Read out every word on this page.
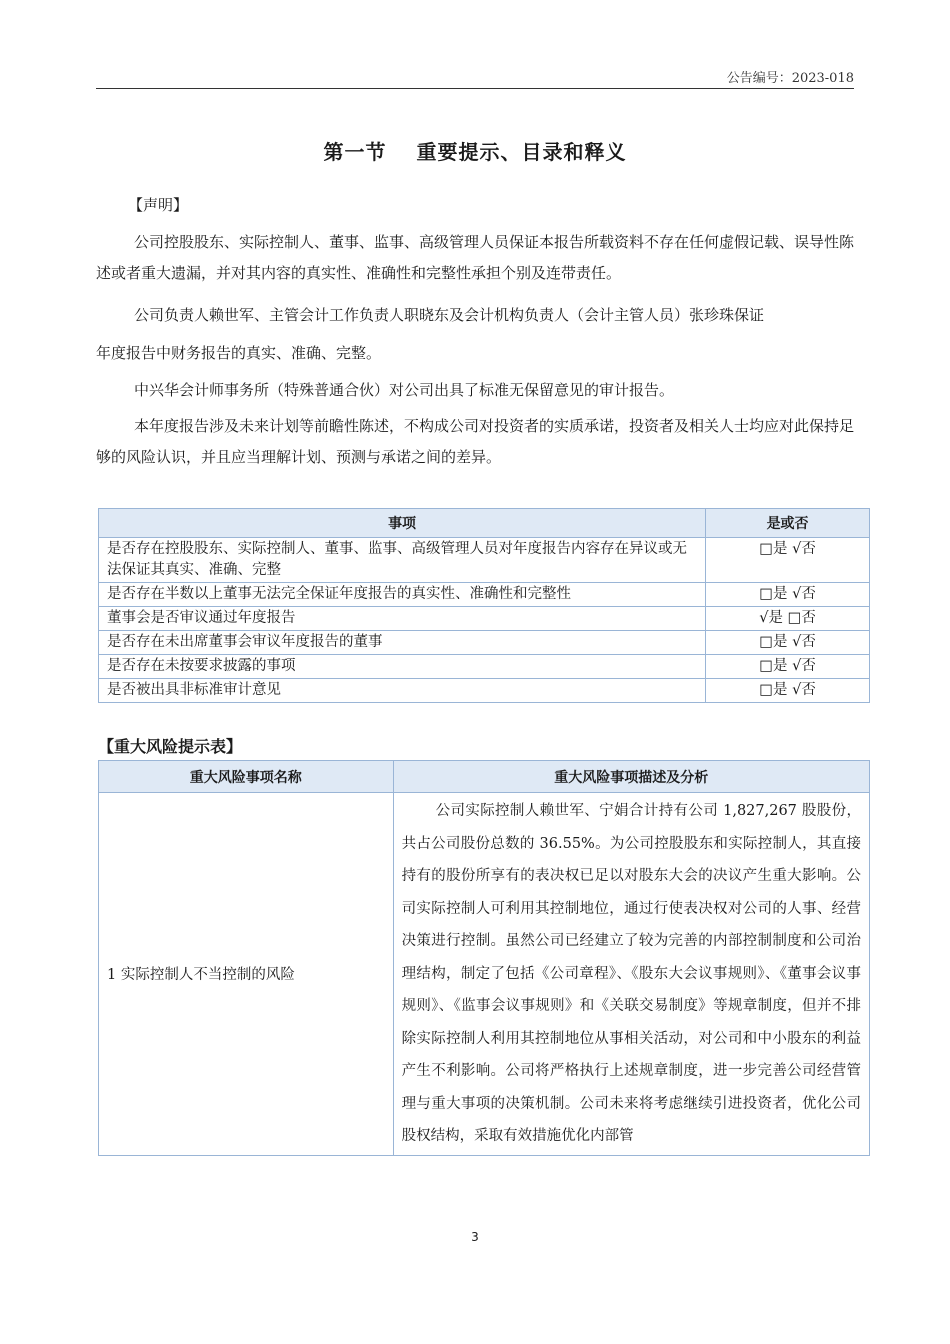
公告编号：2023-018
第一节 重要提示、目录和释义
【声明】
公司控股股东、实际控制人、董事、监事、高级管理人员保证本报告所载资料不存在任何虚假记载、误导性陈述或者重大遗漏，并对其内容的真实性、准确性和完整性承担个别及连带责任。
公司负责人赖世军、主管会计工作负责人职晓东及会计机构负责人（会计主管人员）张珍珠保证
年度报告中财务报告的真实、准确、完整。
中兴华会计师事务所（特殊普通合伙）对公司出具了标准无保留意见的审计报告。
本年度报告涉及未来计划等前瞻性陈述，不构成公司对投资者的实质承诺，投资者及相关人士均应对此保持足够的风险认识，并且应当理解计划、预测与承诺之间的差异。
事项	是或否
是否存在控股股东、实际控制人、董事、监事、高级管理人员对年度报告内容存在异议或无法保证其真实、准确、完整	□是 √否
是否存在半数以上董事无法完全保证年度报告的真实性、准确性和完整性	□是 √否
董事会是否审议通过年度报告	√是 □否
是否存在未出席董事会审议年度报告的董事	□是 √否
是否存在未按要求披露的事项	□是 √否
是否被出具非标准审计意见	□是 √否
【重大风险提示表】
重大风险事项名称	重大风险事项描述及分析
1 实际控制人不当控制的风险	公司实际控制人赖世军、宁娟合计持有公司 1,827,267 股股份，共占公司股份总数的 36.55%。为公司控股股东和实际控制人，其直接持有的股份所享有的表决权已足以对股东大会的决议产生重大影响。公司实际控制人可利用其控制地位，通过行使表决权对公司的人事、经营决策进行控制。虽然公司已经建立了较为完善的内部控制制度和公司治理结构，制定了包括《公司章程》、《股东大会议事规则》、《董事会议事规则》、《监事会议事规则》和《关联交易制度》等规章制度，但并不排除实际控制人利用其控制地位从事相关活动，对公司和中小股东的利益产生不利影响。公司将严格执行上述规章制度，进一步完善公司经营管理与重大事项的决策机制。公司未来将考虑继续引进投资者，优化公司股权结构，采取有效措施优化内部管
3
